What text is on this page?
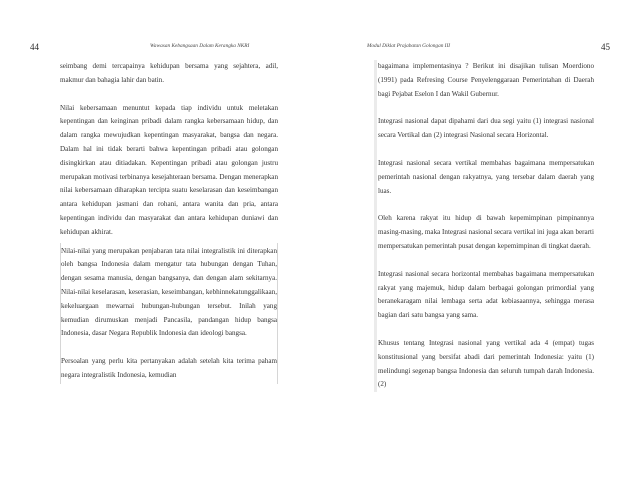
44	Wawasan Kebangsaan Dalam Kerangka NKRI

seimbang demi tercapainya kehidupan bersama yang sejahtera, adil, makmur dan bahagia lahir dan batin.

Nilai kebersamaan menuntut kepada tiap individu untuk meletakan kepentingan dan keinginan pribadi dalam rangka kebersamaan hidup, dan dalam rangka mewujudkan kepentingan masyarakat, bangsa dan negara. Dalam hal ini tidak berarti bahwa kepentingan pribadi atau golongan disingkirkan atau ditiadakan. Kepentingan pribadi atau golongan justru merupakan motivasi terbinanya kesejahteraan bersama. Dengan menerapkan nilai kebersamaan diharapkan tercipta suatu keselarasan dan keseimbangan antara kehidupan jasmani dan rohani, antara wanita dan pria, antara kepentingan individu dan masyarakat dan antara kehidupan duniawi dan kehidupan akhirat.

Nilai-nilai yang merupakan penjabaran tata nilai integralistik ini diterapkan oleh bangsa Indonesia dalam mengatur tata hubungan dengan Tuhan, dengan sesama manusia, dengan bangsanya, dan dengan alam sekitarnya. Nilai-nilai keselarasan, keserasian, keseimbangan, kebhinnekatunggalikaan, kekeluargaan mewarnai hubungan-hubungan tersebut. Inilah yang kemudian dirumuskan menjadi Pancasila, pandangan hidup bangsa Indonesia, dasar Negara Republik Indonesia dan ideologi bangsa.

Persoalan yang perlu kita pertanyakan adalah setelah kita terima paham negara integralistik Indonesia, kemudian

Modul Diklat Prajabatan Golongan III	45

bagaimana implementasinya ? Berikut ini disajikan tulisan Moerdiono (1991) pada Refresing Course Penyelenggaraan Pemerintahan di Daerah bagi Pejabat Eselon I dan Wakil Gubernur.

Integrasi nasional dapat dipahami dari dua segi yaitu (1) integrasi nasional secara Vertikal dan (2) integrasi Nasional secara Horizontal.

Integrasi nasional secara vertikal membahas bagaimana mempersatukan pemerintah nasional dengan rakyatnya, yang tersebar dalam daerah yang luas.

Oleh karena rakyat itu hidup di bawah kepemimpinan pimpinannya masing-masing, maka Integrasi nasional secara vertikal ini juga akan berarti mempersatukan pemerintah pusat dengan kepemimpinan di tingkat daerah.

Integrasi nasional secara horizontal membahas bagaimana mempersatukan rakyat yang majemuk, hidup dalam berbagai golongan primordial yang beranekaragam nilai lembaga serta adat kebiasaannya, sehingga merasa bagian dari satu bangsa yang sama.

Khusus tentang Integrasi nasional yang vertikal ada 4 (empat) tugas konstitusional yang bersifat abadi dari pemerintah Indonesia: yaitu (1) melindungi segenap bangsa Indonesia dan seluruh tumpah darah Indonesia. (2)
